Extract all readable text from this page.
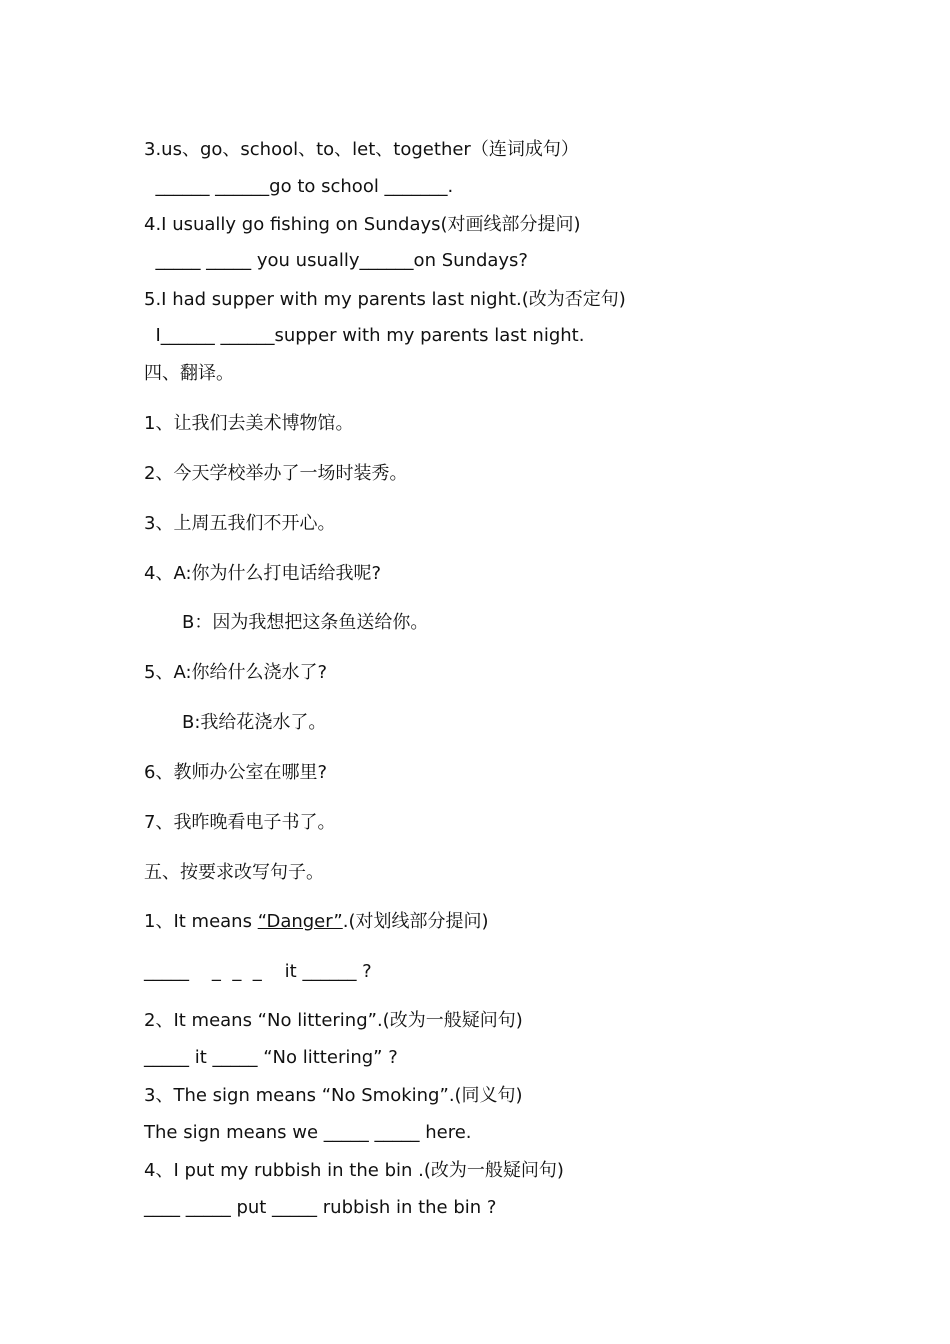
3.us、go、school、to、let、together（连词成句）
______ ______go to school _______.
4.I usually go fishing on Sundays(对画线部分提问)
_____ _____ you usually______on Sundays?
5.I had supper with my parents last night.(改为否定句)
I______ ______supper with my parents last night.
四、翻译。
1、让我们去美术博物馆。
2、今天学校举办了一场时装秀。
3、上周五我们不开心。
4、A:你为什么打电话给我呢?
B：因为我想把这条鱼送给你。
5、A:你给什么浇水了?
B:我给花浇水了。
6、教师办公室在哪里?
7、我昨晚看电子书了。
五、按要求改写句子。
1、It means “Danger”.(对划线部分提问)
_____    _  _  _    it ______ ?
2、It means “No littering”.(改为一般疑问句)
_____ it _____ “No littering” ?
3、The sign means “No Smoking”.(同义句)
The sign means we _____ _____ here.
4、I put my rubbish in the bin .(改为一般疑问句)
____ _____ put _____ rubbish in the bin ?
